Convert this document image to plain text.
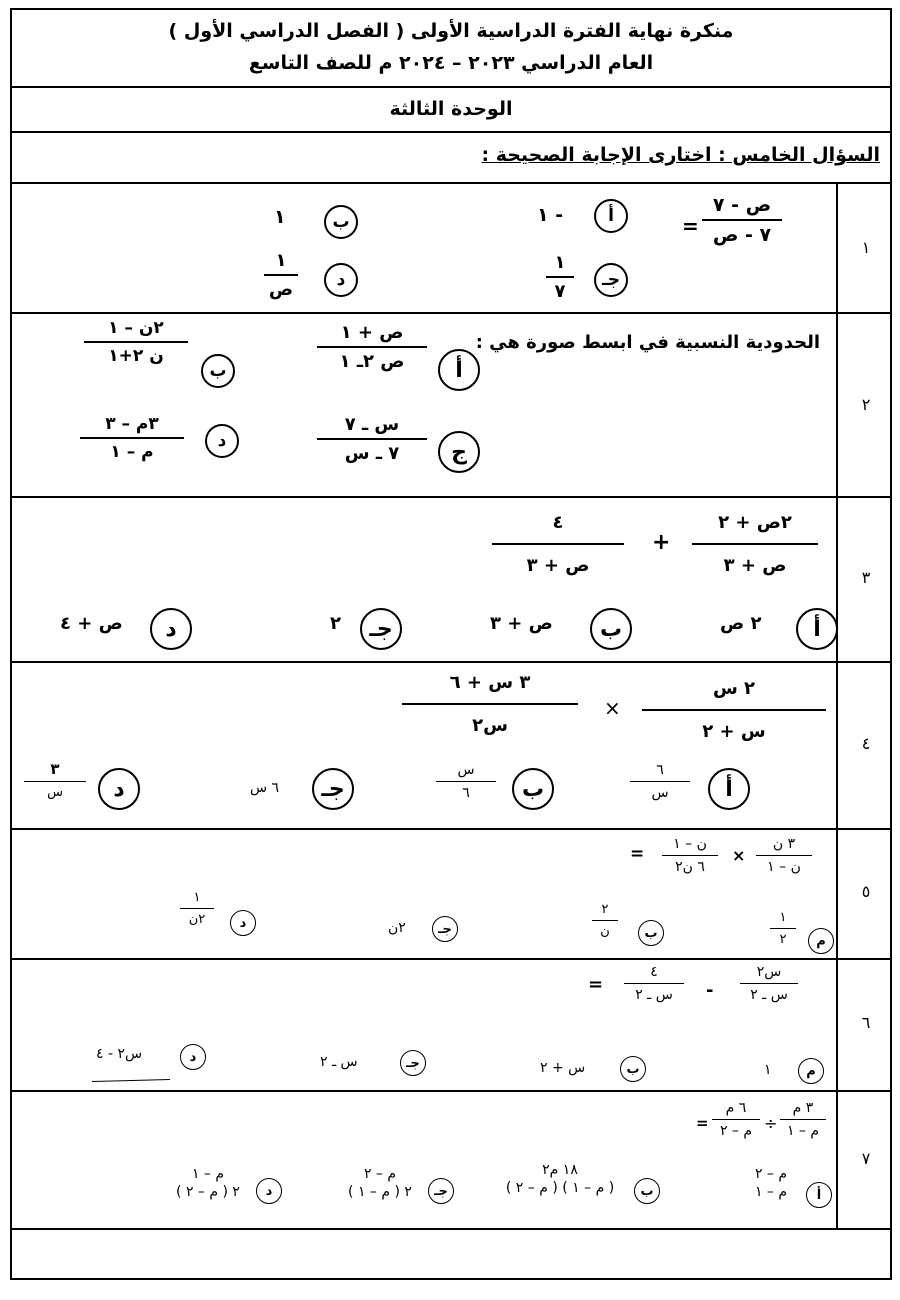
منكرة نهاية الفترة الدراسية الأولى ( الفصل الدراسي الأول )
العام الدراسي ٢٠٢٣ – ٢٠٢٤ م للصف التاسع
الوحدة الثالثة
السؤال الخامس : اختارى الإجابة الصحيحة :
١
٢
٣
٤
٥
٦
٧
ص - ٧
٧ - ص
=
أ
- ١
ب
١
جـ
١
٧
د
١
ص
الحدودية النسبية في ابسط صورة هي :
أ
ص + ١
ص ٢ـ ١
ب
٢ن – ١
ن ٢+١
ج
س ـ ٧
٧ ـ س
د
٣م – ٣
م – ١
٢ص + ٢
ص + ٣
+
٤
ص + ٣
أ
٢ ص
ب
ص + ٣
جـ
٢
د
ص + ٤
٢ س
س + ٢
×
٣ س + ٦
س٢
أ
٦
س
ب
س
٦
جـ
٦ س
د
٣
س
٣ ن
ن – ١
×
ن – ١
٦ ن٢
=
م
١
٢
ب
٢
ن
جـ
٢ن
د
١
٢ن
س٢
س ـ ٢
-
٤
س ـ ٢
=
م
١
ب
س + ٢
جـ
س ـ ٢
د
س٢ - ٤
٣ م
م – ١
÷
٦ م
م – ٢
=
أ
م – ٢
م – ١
ب
١٨ م٢
( م – ١ ) ( م – ٢ )
جـ
م – ٢
٢ ( م – ١ )
د
م – ١
٢ ( م – ٢ )
